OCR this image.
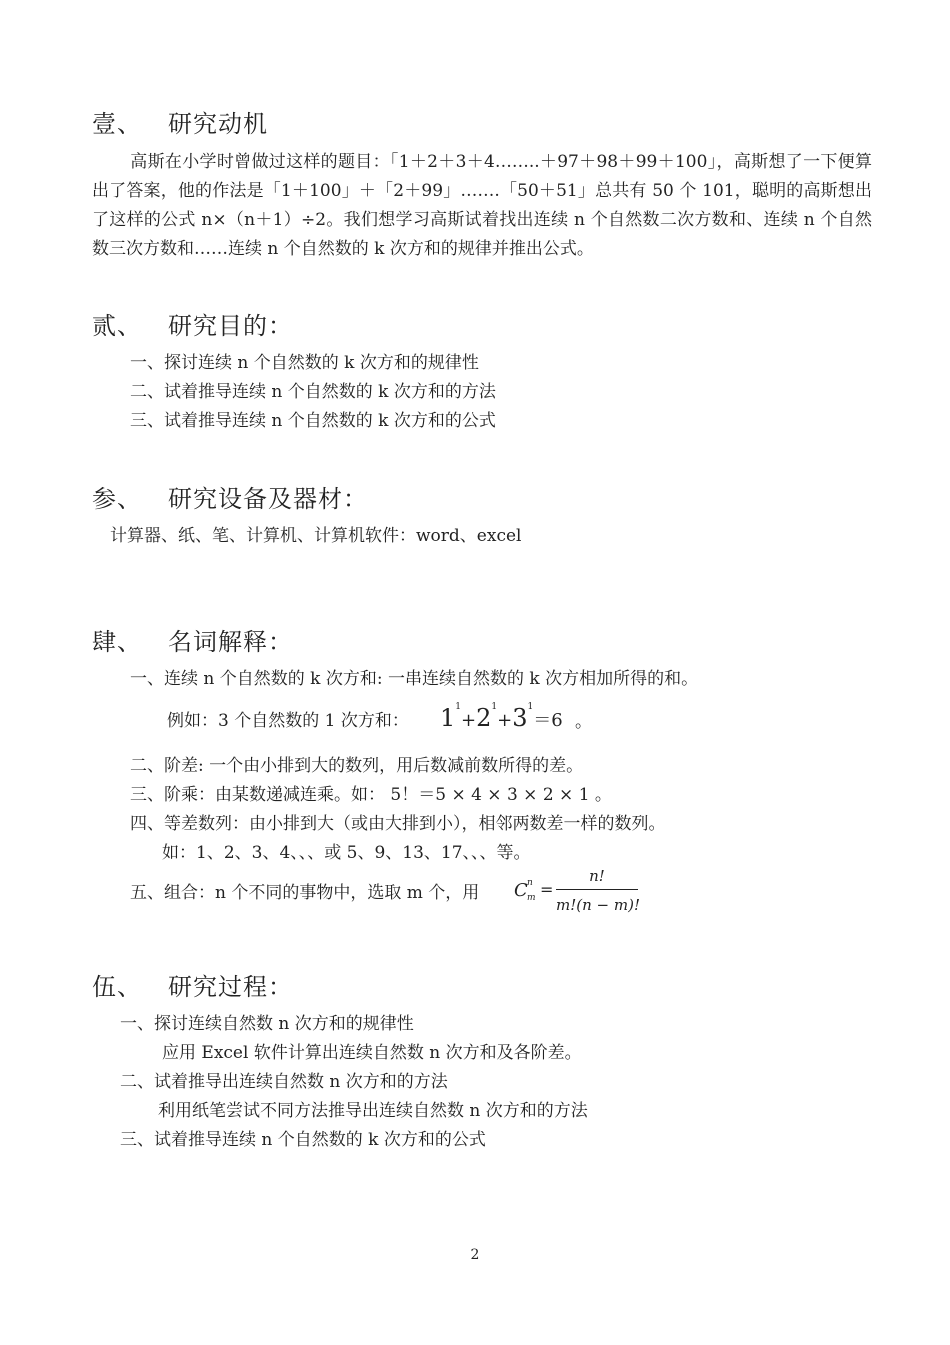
壹、 研究动机
高斯在小学时曾做过这样的题目：「1＋2＋3＋4……..＋97＋98＋99＋100」，高斯想了一下便算出了答案，他的作法是「1＋100」＋「2＋99」…….「50＋51」总共有 50 个 101，聪明的高斯想出了这样的公式 n×（n＋1）÷2。我们想学习高斯试着找出连续 n 个自然数二次方数和、连续 n 个自然数三次方数和……连续 n 个自然数的 k 次方和的规律并推出公式。
贰、 研究目的：
一、探讨连续 n 个自然数的 k 次方和的规律性
二、试着推导连续 n 个自然数的 k 次方和的方法
三、试着推导连续 n 个自然数的 k 次方和的公式
参、 研究设备及器材：
计算器、纸、笔、计算机、计算机软件：word、excel
肆、 名词解释：
一、连续 n 个自然数的 k 次方和: 一串连续自然数的 k 次方相加所得的和。
例如：3 个自然数的 1 次方和： $1^1+2^1+3^1=6$ 。
二、阶差: 一个由小排到大的数列，用后数减前数所得的差。
三、阶乘：由某数递减连乘。如： 5！＝5 × 4 × 3 × 2 × 1 。
四、等差数列：由小排到大（或由大排到小），相邻两数差一样的数列。
如：1、2、3、4、、、或 5、9、13、17、、、等。
五、组合：n 个不同的事物中，选取 m 个，用 C n
m =
n!
m!(n − m)!
伍、 研究过程：
一、探讨连续自然数 n 次方和的规律性
应用 Excel 软件计算出连续自然数 n 次方和及各阶差。
二、试着推导出连续自然数 n 次方和的方法
利用纸笔尝试不同方法推导出连续自然数 n 次方和的方法
三、试着推导连续 n 个自然数的 k 次方和的公式
2
